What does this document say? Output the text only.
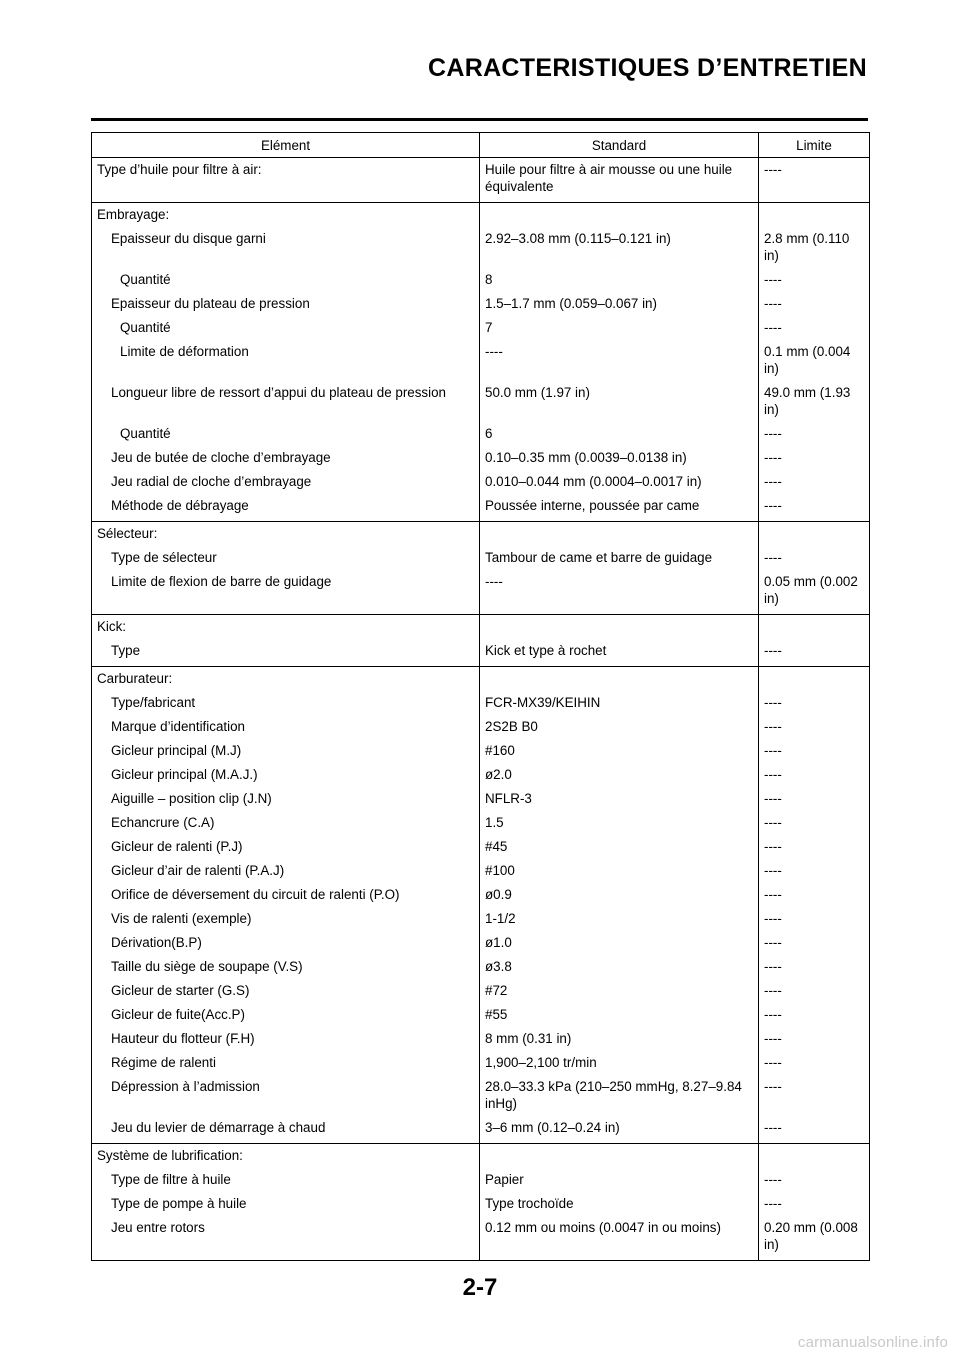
CARACTERISTIQUES D’ENTRETIEN
Elément	Standard	Limite
Type d’huile pour filtre à air:	Huile pour filtre à air mousse ou une huile équivalente	----
Embrayage:		
Epaisseur du disque garni	2.92–3.08 mm (0.115–0.121 in)	2.8 mm (0.110 in)
Quantité	8	----
Epaisseur du plateau de pression	1.5–1.7 mm (0.059–0.067 in)	----
Quantité	7	----
Limite de déformation	----	0.1 mm (0.004 in)
Longueur libre de ressort d’appui du plateau de pression	50.0 mm (1.97 in)	49.0 mm (1.93 in)
Quantité	6	----
Jeu de butée de cloche d’embrayage	0.10–0.35 mm (0.0039–0.0138 in)	----
Jeu radial de cloche d’embrayage	0.010–0.044 mm (0.0004–0.0017 in)	----
Méthode de débrayage	Poussée interne, poussée par came	----
Sélecteur:		
Type de sélecteur	Tambour de came et barre de guidage	----
Limite de flexion de barre de guidage	----	0.05 mm (0.002 in)
Kick:		
Type	Kick et type à rochet	----
Carburateur:		
Type/fabricant	FCR-MX39/KEIHIN	----
Marque d’identification	2S2B B0	----
Gicleur principal (M.J)	#160	----
Gicleur principal (M.A.J.)	ø2.0	----
Aiguille – position clip (J.N)	NFLR-3	----
Echancrure (C.A)	1.5	----
Gicleur de ralenti (P.J)	#45	----
Gicleur d’air de ralenti (P.A.J)	#100	----
Orifice de déversement du circuit de ralenti (P.O)	ø0.9	----
Vis de ralenti (exemple)	1-1/2	----
Dérivation(B.P)	ø1.0	----
Taille du siège de soupape (V.S)	ø3.8	----
Gicleur de starter (G.S)	#72	----
Gicleur de fuite(Acc.P)	#55	----
Hauteur du flotteur (F.H)	8 mm (0.31 in)	----
Régime de ralenti	1,900–2,100 tr/min	----
Dépression à l’admission	28.0–33.3 kPa (210–250 mmHg, 8.27–9.84 inHg)	----
Jeu du levier de démarrage à chaud	3–6 mm (0.12–0.24 in)	----
Système de lubrification:		
Type de filtre à huile	Papier	----
Type de pompe à huile	Type trochoïde	----
Jeu entre rotors	0.12 mm ou moins (0.0047 in ou moins)	0.20 mm (0.008 in)
2-7
carmanualsonline.info
